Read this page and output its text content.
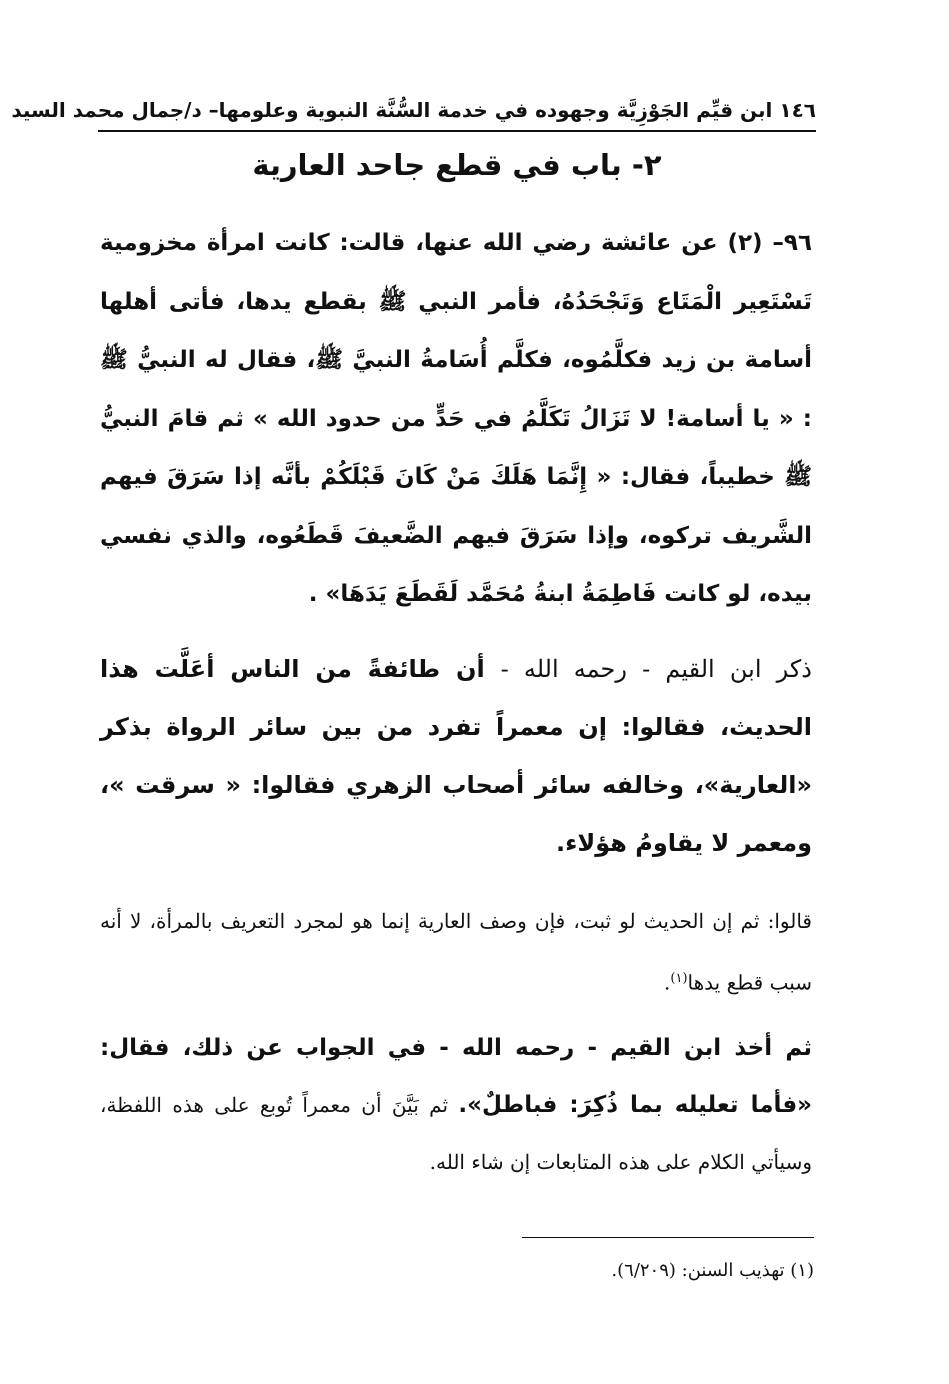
١٤٦ ابن قيِّم الجَوْزِيَّة وجهوده في خدمة السُّنَّة النبوية وعلومها– د/جمال محمد السيد
٢- باب في قطع جاحد العارية

٩٦– (٢) عن عائشة رضي الله عنها، قالت: كانت امرأة مخزومية تَسْتَعِير الْمَتَاع وَتَجْحَدُهُ، فأمر النبي ﷺ بقطع يدها، فأتى أهلها أسامة بن زيد فكلَّمُوه، فكلَّم أُسَامةُ النبيَّ ﷺ، فقال له النبيُّ ﷺ : « يا أسامة! لا تَزَالُ تَكَلَّمُ في حَدٍّ من حدود الله » ثم قامَ النبيُّ ﷺ خطيباً، فقال: « إِنَّمَا هَلَكَ مَنْ كَانَ قَبْلَكُمْ بأنَّه إذا سَرَقَ فيهم الشَّريف تركوه، وإذا سَرَقَ فيهم الضَّعيفَ قَطَعُوه، والذي نفسي بيده، لو كانت فَاطِمَةُ ابنةُ مُحَمَّد لَقَطَعَ يَدَهَا» .

ذكر ابن القيم - رحمه الله - أن طائفةً من الناس أعَلَّت هذا الحديث، فقالوا: إن معمراً تفرد من بين سائر الرواة بذكر «العارية»، وخالفه سائر أصحاب الزهري فقالوا: « سرقت »، ومعمر لا يقاومُ هؤلاء.

قالوا: ثم إن الحديث لو ثبت، فإن وصف العارية إنما هو لمجرد التعريف بالمرأة، لا أنه سبب قطع يدها$^{(١)}$.

ثم أخذ ابن القيم - رحمه الله - في الجواب عن ذلك، فقال: «فأما تعليله بما ذُكِرَ: فباطلٌ». ثم بَيَّنَ أن معمراً تُوبع على هذه اللفظة، وسيأتي الكلام على هذه المتابعات إن شاء الله.

(١) تهذيب السنن: (٦/٢٠٩).
